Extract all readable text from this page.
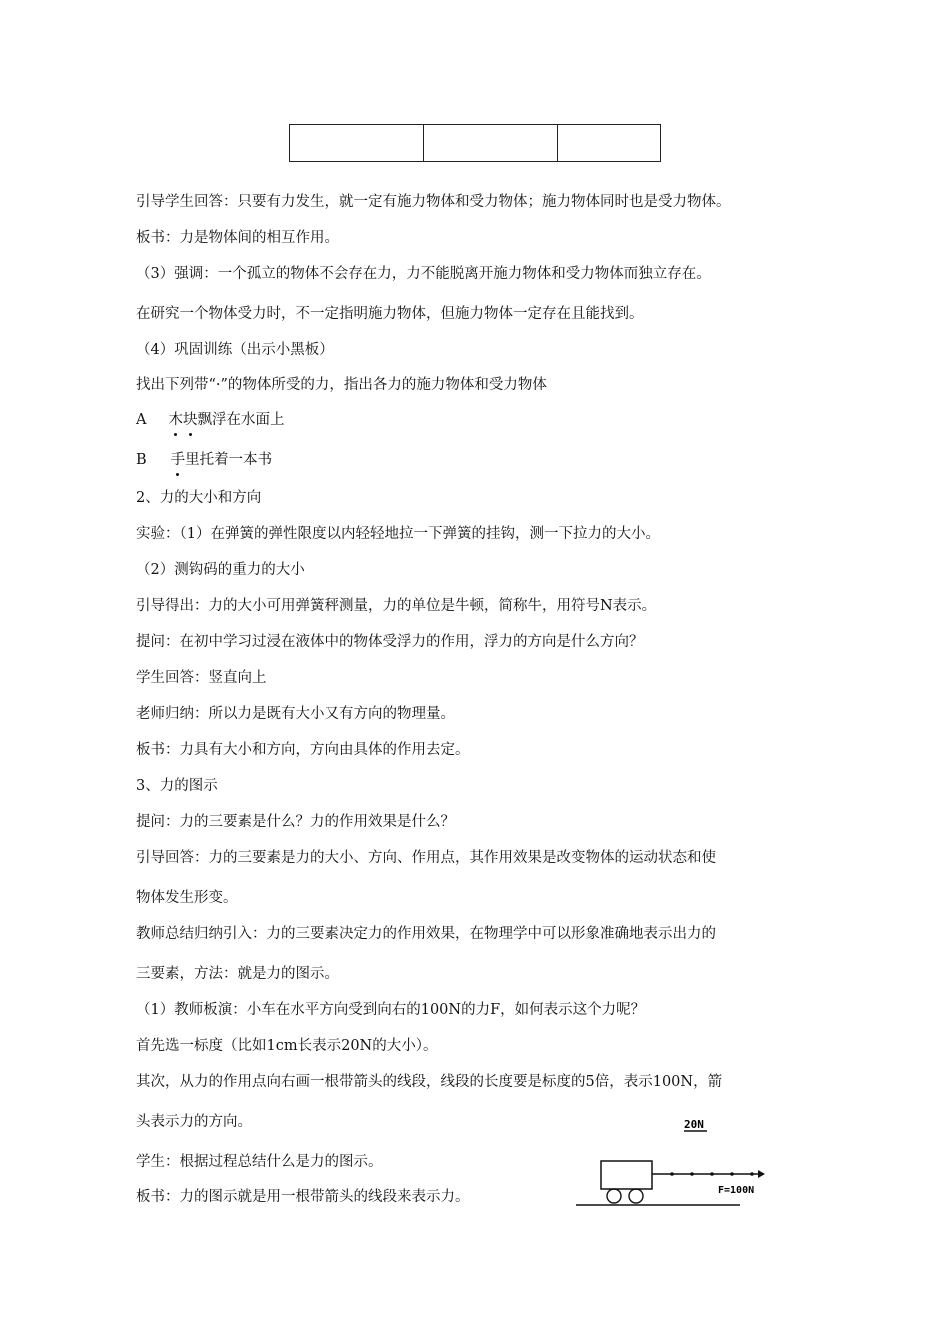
引导学生回答：只要有力发生，就一定有施力物体和受力物体；施力物体同时也是受力物体。
板书：力是物体间的相互作用。
（3）强调：一个孤立的物体不会存在力，力不能脱离开施力物体和受力物体而独立存在。
在研究一个物体受力时，不一定指明施力物体，但施力物体一定存在且能找到。
（4）巩固训练（出示小黑板）
找出下列带“·”的物体所受的力，指出各力的施力物体和受力物体
A 木块飘浮在水面上
B 手里托着一本书
2、力的大小和方向
实验：（1）在弹簧的弹性限度以内轻轻地拉一下弹簧的挂钩，测一下拉力的大小。
（2）测钩码的重力的大小
引导得出：力的大小可用弹簧秤测量，力的单位是牛顿，简称牛，用符号N表示。
提问：在初中学习过浸在液体中的物体受浮力的作用，浮力的方向是什么方向？
学生回答：竖直向上
老师归纳：所以力是既有大小又有方向的物理量。
板书：力具有大小和方向，方向由具体的作用去定。
3、力的图示
提问：力的三要素是什么？力的作用效果是什么？
引导回答：力的三要素是力的大小、方向、作用点，其作用效果是改变物体的运动状态和使
物体发生形变。
教师总结归纳引入：力的三要素决定力的作用效果，在物理学中可以形象准确地表示出力的
三要素，方法：就是力的图示。
（1）教师板演：小车在水平方向受到向右的100N的力F，如何表示这个力呢？
首先选一标度（比如1cm长表示20N的大小）。
其次，从力的作用点向右画一根带箭头的线段，线段的长度要是标度的5倍，表示100N，箭
头表示力的方向。
学生：根据过程总结什么是力的图示。
板书：力的图示就是用一根带箭头的线段来表示力。
20N
F=100N
